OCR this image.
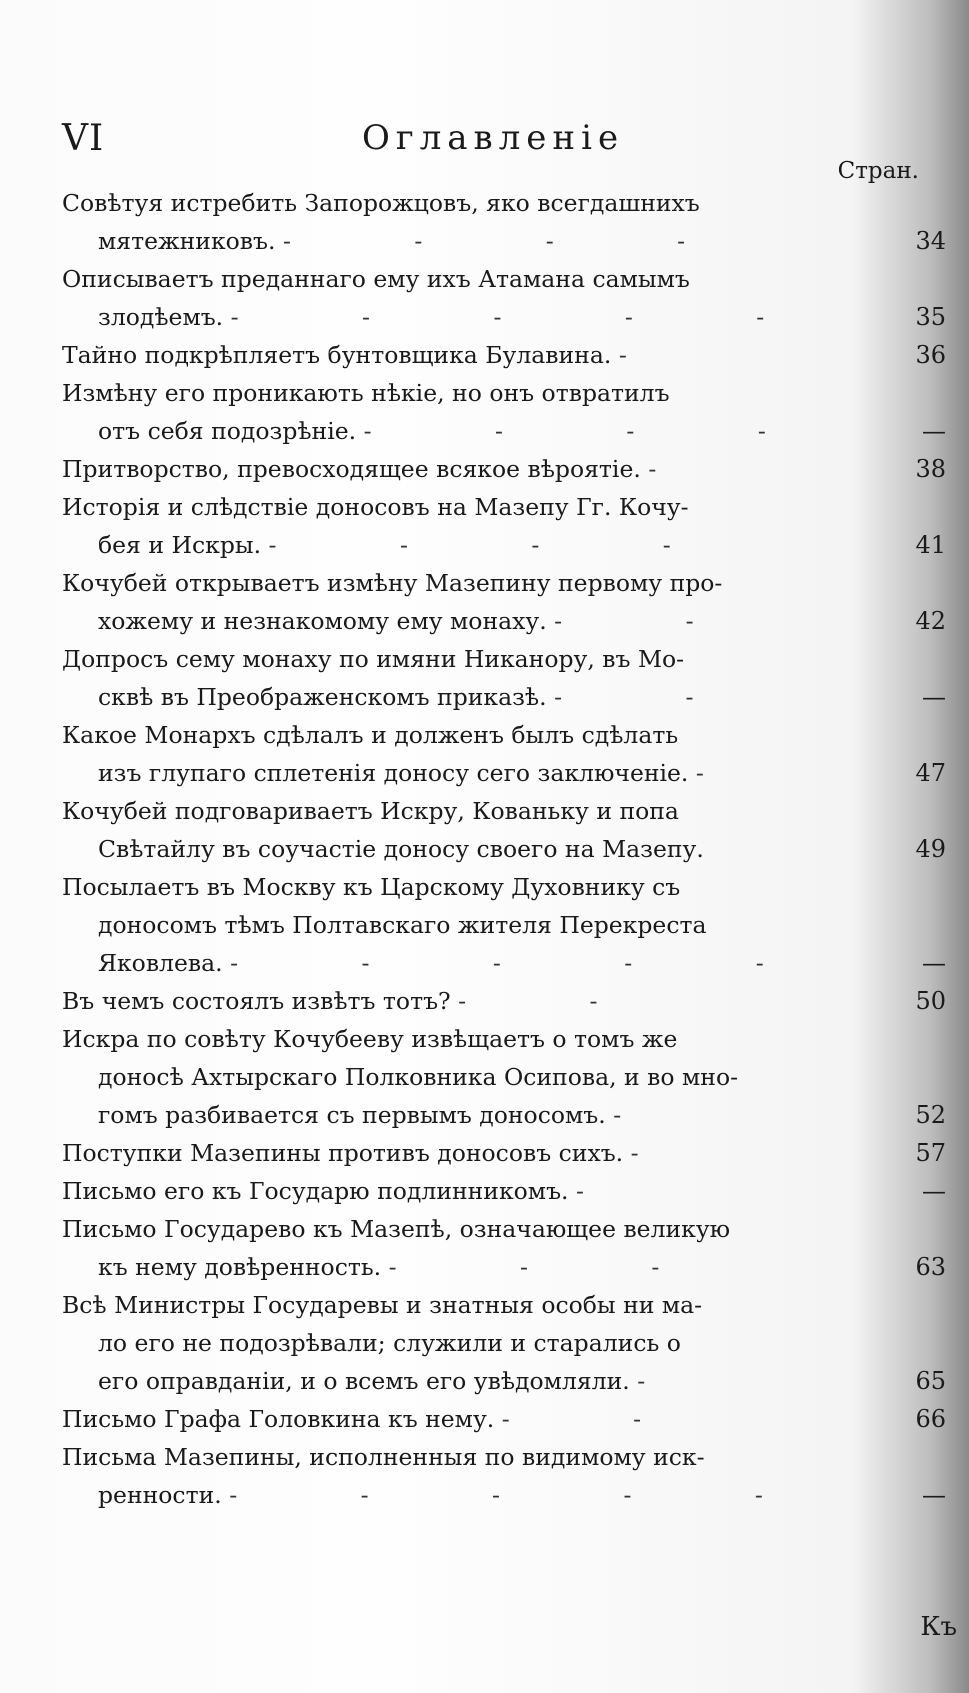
VI	Оглавленіе
Стран.
Совѣтуя истребить Запорожцовъ, яко всегдашнихъ
мятежниковъ. - - - -	34
Описываетъ преданнаго ему ихъ Атамана самымъ
злодѣемъ. - - - - -	35
Тайно подкрѣпляетъ бунтовщика Булавина. -	36
Измѣну его проникають нѣкіе, но онъ отвратилъ
отъ себя подозрѣніе. - - - -	—
Притворство, превосходящее всякое вѣроятіе. -	38
Исторія и слѣдствіе доносовъ на Мазепу Гг. Кочу-
бея и Искры. - - - -	41
Кочубей открываетъ измѣну Мазепину первому про-
хожему и незнакомому ему монаху. - -	42
Допросъ сему монаху по имяни Никанору, въ Мо-
сквѣ въ Преображенскомъ приказѣ. - -	—
Какое Монархъ сдѣлалъ и долженъ былъ сдѣлать
изъ глупаго сплетенія доносу сего заключеніе. -	47
Кочубей подговариваетъ Искру, Кованьку и попа
Свѣтайлу въ соучастіе доносу своего на Мазепу.	49
Посылаетъ въ Москву къ Царскому Духовнику съ
доносомъ тѣмъ Полтавскаго жителя Перекреста
Яковлева. - - - - -	—
Въ чемъ состоялъ извѣтъ тотъ? - -	50
Искра по совѣту Кочубееву извѣщаетъ о томъ же
доносѣ Ахтырскаго Полковника Осипова, и во мно-
гомъ разбивается съ первымъ доносомъ. -	52
Поступки Мазепины противъ доносовъ сихъ. -	57
Письмо его къ Государю подлинникомъ. -	—
Письмо Государево къ Мазепѣ, означающее великую
къ нему довѣренность. - - -	63
Всѣ Министры Государевы и знатныя особы ни ма-
ло его не подозрѣвали; служили и старались о
его оправданіи, и о всемъ его увѣдомляли. -	65
Письмо Графа Головкина къ нему. - -	66
Письма Мазепины, исполненныя по видимому иск-
ренности. - - - - -	—
Къ
